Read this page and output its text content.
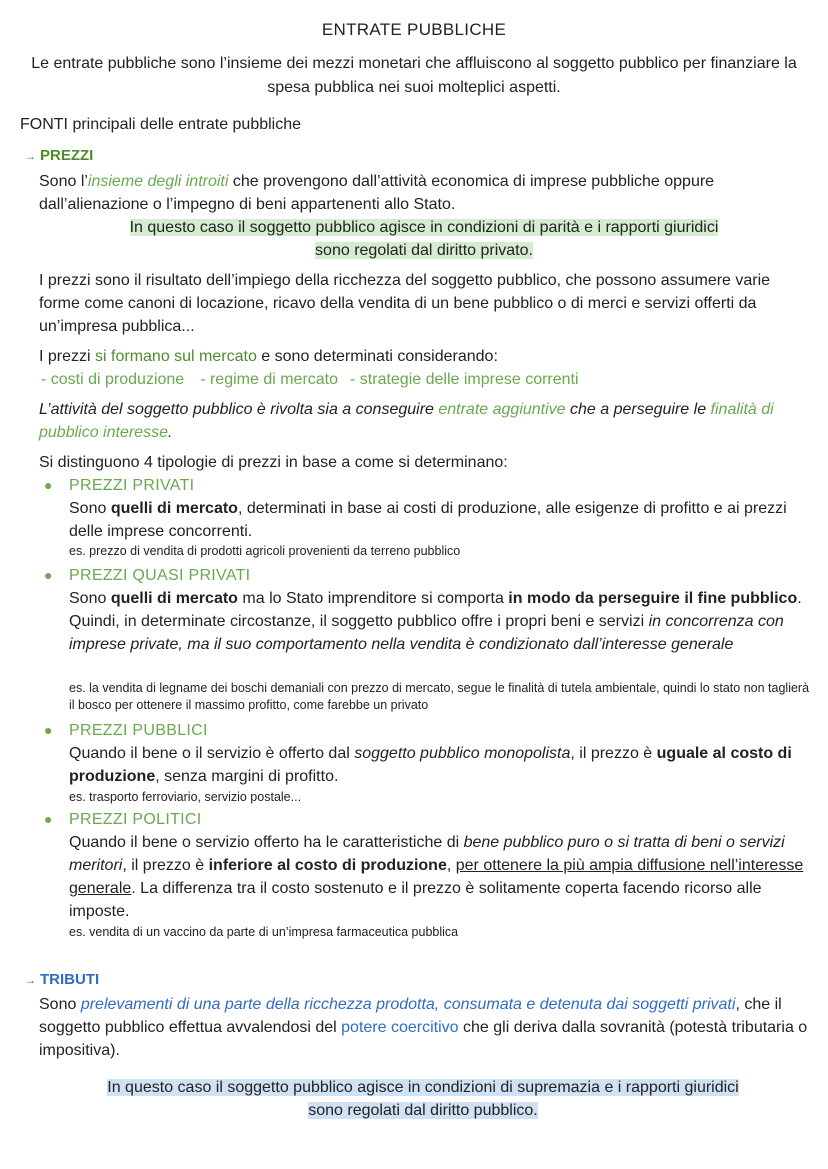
ENTRATE PUBBLICHE
Le entrate pubbliche sono l’insieme dei mezzi monetari che affluiscono al soggetto pubblico per finanziare la spesa pubblica nei suoi molteplici aspetti.
FONTI principali delle entrate pubbliche
→ PREZZI
Sono l’insieme degli introiti che provengono dall’attività economica di imprese pubbliche oppure dall’alienazione o l’impegno di beni appartenenti allo Stato.
In questo caso il soggetto pubblico agisce in condizioni di parità e i rapporti giuridici
sono regolati dal diritto privato.
I prezzi sono il risultato dell’impiego della ricchezza del soggetto pubblico, che possono assumere varie forme come canoni di locazione, ricavo della vendita di un bene pubblico o di merci e servizi offerti da un’impresa pubblica...
I prezzi si formano sul mercato e sono determinati considerando:
- costi di produzione - regime di mercato - strategie delle imprese correnti
L’attività del soggetto pubblico è rivolta sia a conseguire entrate aggiuntive che a perseguire le finalità di pubblico interesse.
Si distinguono 4 tipologie di prezzi in base a come si determinano:
● PREZZI PRIVATI
Sono quelli di mercato, determinati in base ai costi di produzione, alle esigenze di profitto e ai prezzi delle imprese concorrenti.
es. prezzo di vendita di prodotti agricoli provenienti da terreno pubblico
● PREZZI QUASI PRIVATI
Sono quelli di mercato ma lo Stato imprenditore si comporta in modo da perseguire il fine pubblico. Quindi, in determinate circostanze, il soggetto pubblico offre i propri beni e servizi in concorrenza con imprese private, ma il suo comportamento nella vendita è condizionato dall’interesse generale
es. la vendita di legname dei boschi demaniali con prezzo di mercato, segue le finalità di tutela ambientale, quindi lo stato non taglierà il bosco per ottenere il massimo profitto, come farebbe un privato
● PREZZI PUBBLICI
Quando il bene o il servizio è offerto dal soggetto pubblico monopolista, il prezzo è uguale al costo di produzione, senza margini di profitto.
es. trasporto ferroviario, servizio postale...
● PREZZI POLITICI
Quando il bene o servizio offerto ha le caratteristiche di bene pubblico puro o si tratta di beni o servizi meritori, il prezzo è inferiore al costo di produzione, per ottenere la più ampia diffusione nell’interesse generale. La differenza tra il costo sostenuto e il prezzo è solitamente coperta facendo ricorso alle imposte.
es. vendita di un vaccino da parte di un’impresa farmaceutica pubblica
→ TRIBUTI
Sono prelevamenti di una parte della ricchezza prodotta, consumata e detenuta dai soggetti privati, che il soggetto pubblico effettua avvalendosi del potere coercitivo che gli deriva dalla sovranità (potestà tributaria o impositiva).
In questo caso il soggetto pubblico agisce in condizioni di supremazia e i rapporti giuridici
sono regolati dal diritto pubblico.
